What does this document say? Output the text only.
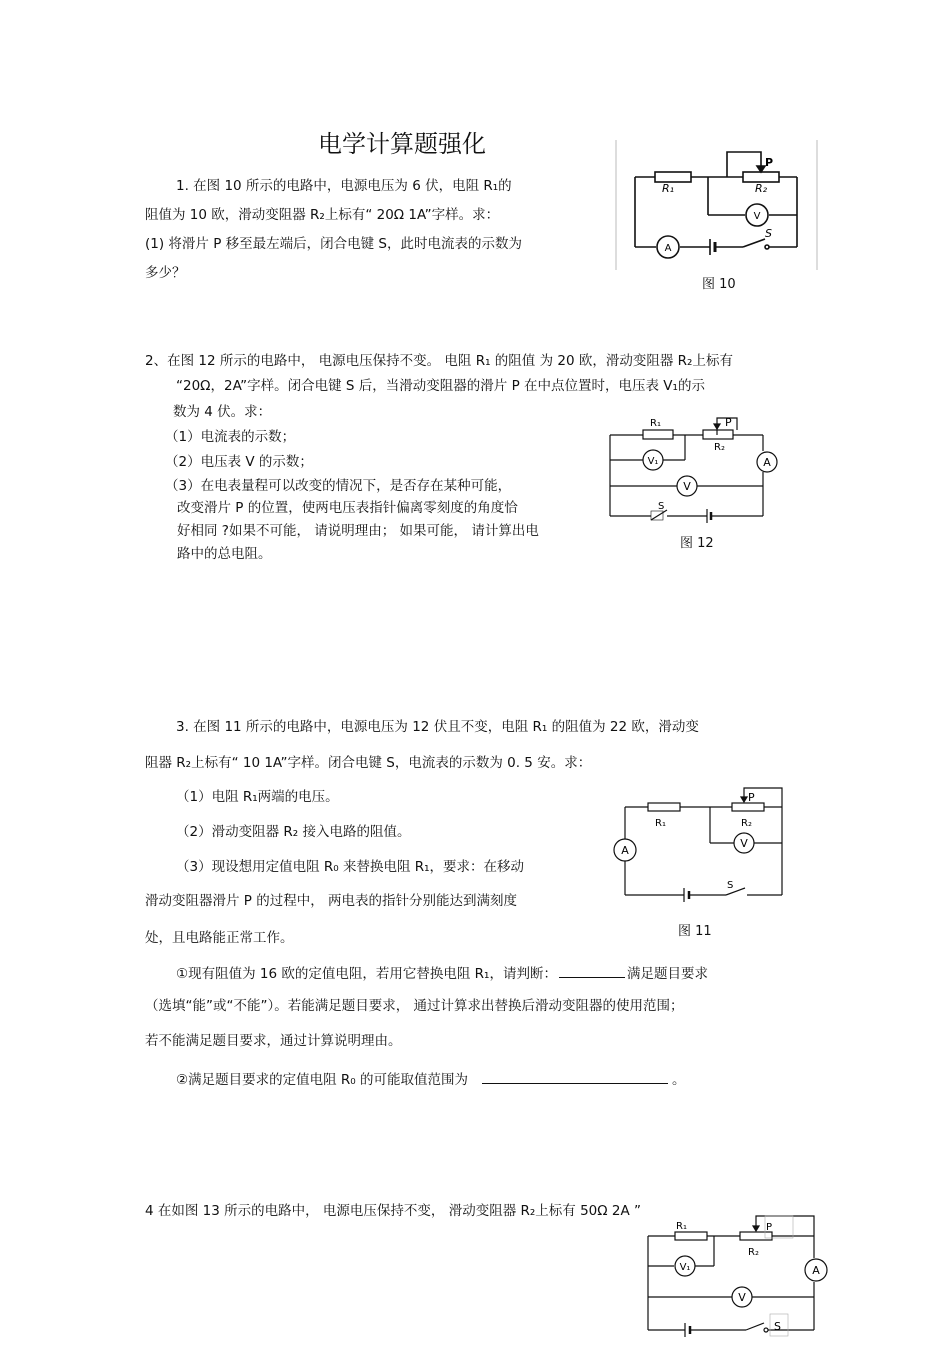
电学计算题强化
1. 在图 10 所示的电路中，电源电压为 6 伏，电阻 R₁的
阻值为 10 欧，滑动变阻器 R₂上标有“ 20Ω 1A”字样。求：
(1) 将滑片 P 移至最左端后，闭合电键 S，此时电流表的示数为
多少？
R₁	R₂
P
V
A
S
图 10
2、在图 12 所示的电路中， 电源电压保持不变。 电阻 R₁ 的阻值 为 20 欧，滑动变阻器 R₂上标有
“20Ω，2A”字样。闭合电键 S 后，当滑动变阻器的滑片 P 在中点位置时，电压表 V₁的示
数为 4 伏。求：
（1）电流表的示数；
（2）电压表 V 的示数；
（3）在电表量程可以改变的情况下，是否存在某种可能，
改变滑片 P 的位置，使两电压表指针偏离零刻度的角度恰
好相同 ?如果不可能， 请说明理由； 如果可能， 请计算出电
路中的总电阻。
R₁	P
R₂
V₁	A
V
S
图 12
3. 在图 11 所示的电路中，电源电压为 12 伏且不变，电阻 R₁ 的阻值为 22 欧，滑动变
阻器 R₂上标有“ 10 1A”字样。闭合电键 S，电流表的示数为 0. 5 安。求：
（1）电阻 R₁两端的电压。
（2）滑动变阻器 R₂ 接入电路的阻值。
（3）现设想用定值电阻 R₀ 来替换电阻 R₁，要求：在移动
滑动变阻器滑片 P 的过程中， 两电表的指针分别能达到满刻度
处，且电路能正常工作。
①现有阻值为 16 欧的定值电阻，若用它替换电阻 R₁，请判断：	满足题目要求
（选填“能”或“不能”）。若能满足题目要求， 通过计算求出替换后滑动变阻器的使用范围；
若不能满足题目要求，通过计算说明理由。
②满足题目要求的定值电阻 R₀ 的可能取值范围为	。
P
R₁	R₂
V
A
S
图 11
4 在如图 13 所示的电路中， 电源电压保持不变， 滑动变阻器 R₂上标有 50Ω 2A ”
R₁	P
R₂
V₁	A
V
S
